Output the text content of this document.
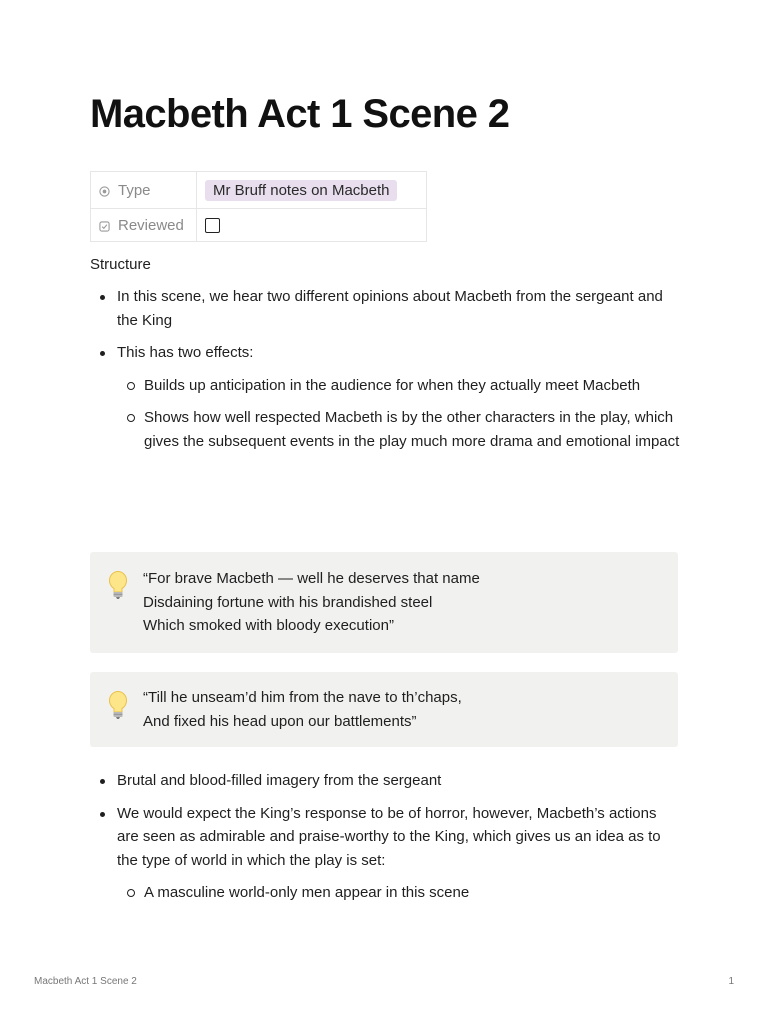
Macbeth Act 1 Scene 2
Type	Mr Bruff notes on Macbeth
Reviewed	
Structure
In this scene, we hear two different opinions about Macbeth from the sergeant and the King
This has two effects:
Builds up anticipation in the audience for when they actually meet Macbeth
Shows how well respected Macbeth is by the other characters in the play, which gives the subsequent events in the play much more drama and emotional impact
“For brave Macbeth — well he deserves that name
Disdaining fortune with his brandished steel
Which smoked with bloody execution”
“Till he unseam’d him from the nave to th’chaps,
And fixed his head upon our battlements”
Brutal and blood-filled imagery from the sergeant
We would expect the King’s response to be of horror, however, Macbeth’s actions are seen as admirable and praise-worthy to the King, which gives us an idea as to the type of world in which the play is set:
A masculine world-only men appear in this scene
Macbeth Act 1 Scene 2	1
